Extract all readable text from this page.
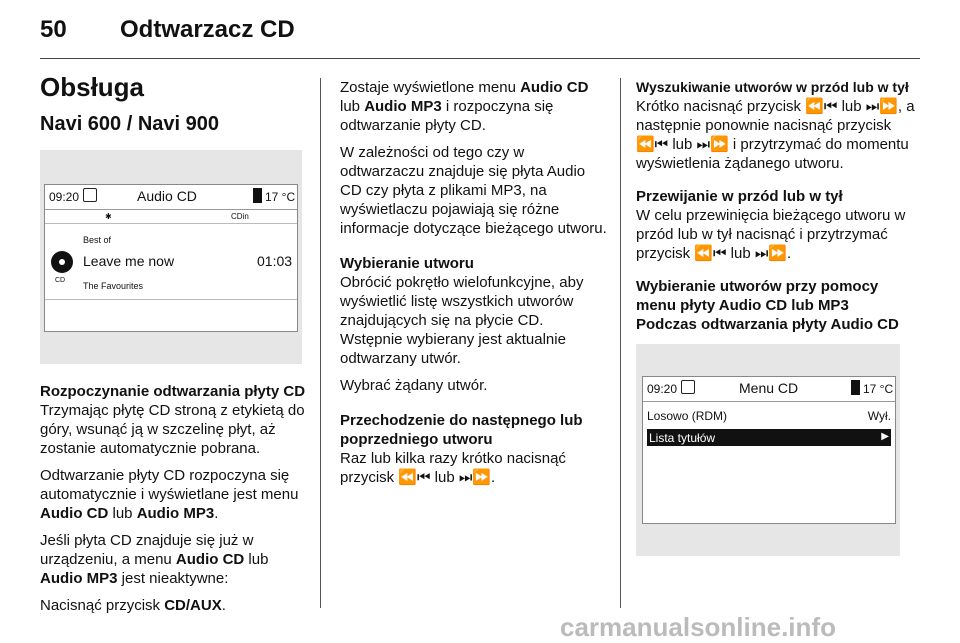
50 Odtwarzacz CD
Obsługa
Navi 600 / Navi 900
09:20	Audio CD	17 °C
✱	CDin
Best of
Leave me now	01:03
CD
The Favourites

Rozpoczynanie odtwarzania płyty CD

Trzymając płytę CD stroną z etykietą do góry, wsunąć ją w szczelinę płyt, aż zostanie automatycznie pobrana.

Odtwarzanie płyty CD rozpoczyna się automatycznie i wyświetlane jest menu Audio CD lub Audio MP3.

Jeśli płyta CD znajduje się już w urządzeniu, a menu Audio CD lub Audio MP3 jest nieaktywne:

Nacisnąć przycisk CD/AUX.

Zostaje wyświetlone menu Audio CD lub Audio MP3 i rozpoczyna się odtwarzanie płyty CD.

W zależności od tego czy w odtwarzaczu znajduje się płyta Audio CD czy płyta z plikami MP3, na wyświetlaczu pojawiają się różne informacje dotyczące bieżącego utworu.

Wybieranie utworu

Obrócić pokrętło wielofunkcyjne, aby wyświetlić listę wszystkich utworów znajdujących się na płycie CD. Wstępnie wybierany jest aktualnie odtwarzany utwór.

Wybrać żądany utwór.

Przechodzenie do następnego lub poprzedniego utworu

Raz lub kilka razy krótko nacisnąć przycisk ⏪⏮ lub ⏭⏩.

Wyszukiwanie utworów w przód lub w tył

Krótko nacisnąć przycisk ⏪⏮ lub ⏭⏩, a następnie ponownie nacisnąć przycisk ⏪⏮ lub ⏭⏩ i przytrzymać do momentu wyświetlenia żądanego utworu.

Przewijanie w przód lub w tył

W celu przewinięcia bieżącego utworu w przód lub w tył nacisnąć i przytrzymać przycisk ⏪⏮ lub ⏭⏩.

Wybieranie utworów przy pomocy menu płyty Audio CD lub MP3

Podczas odtwarzania płyty Audio CD

09:20	Menu CD	17 °C
Losowo (RDM)	Wył.
Lista tytułów	▶
carmanualsonline.info
